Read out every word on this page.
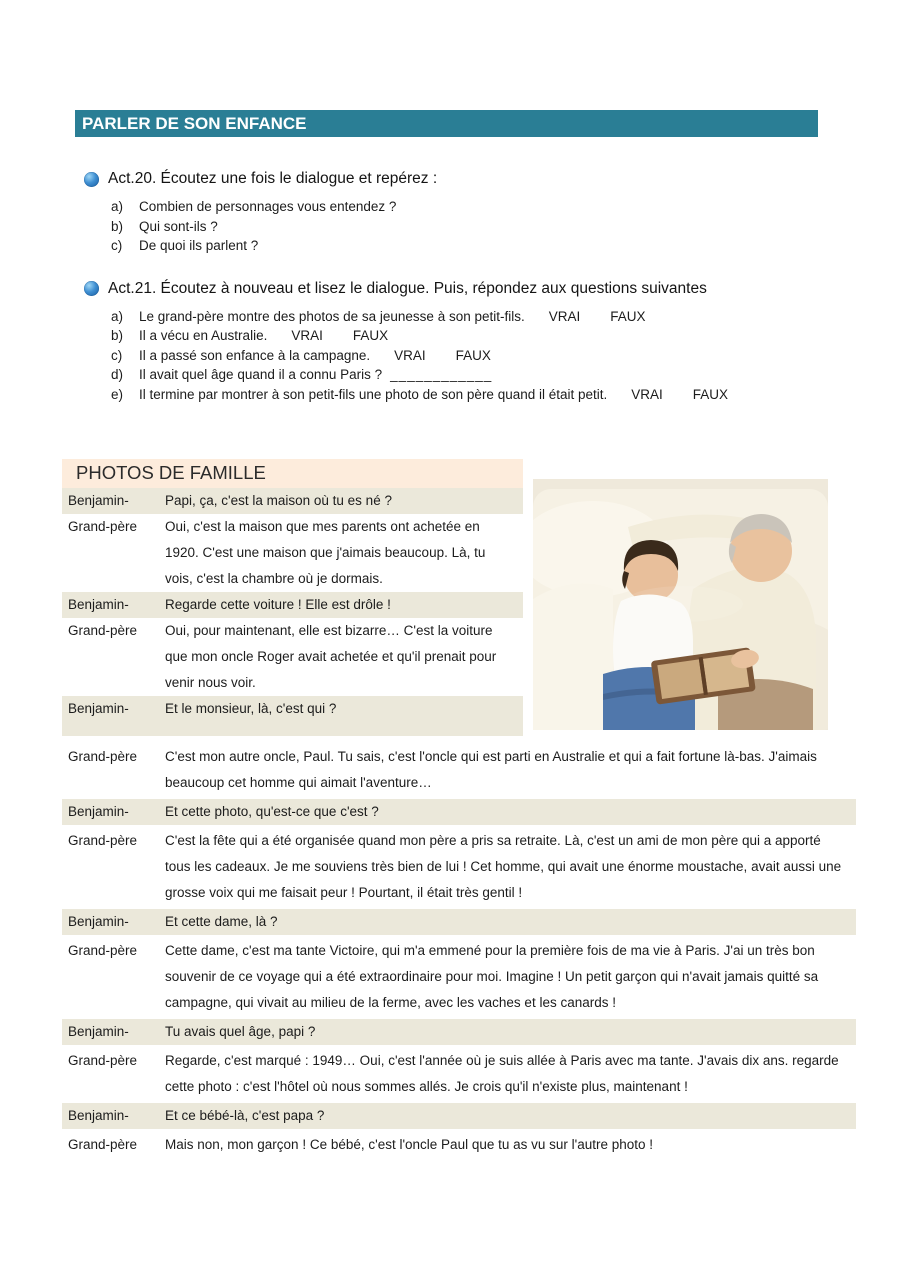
PARLER DE SON ENFANCE
Act.20. Écoutez une fois le dialogue et repérez :
a)	Combien de personnages vous entendez ?
b)	Qui sont-ils ?
c)	De quoi ils parlent ?
Act.21. Écoutez à nouveau et lisez le dialogue. Puis, répondez aux questions suivantes
a)	Le grand-père montre des photos de sa jeunesse à son petit-fils. VRAI FAUX
b)	Il a vécu en Australie. VRAI FAUX
c)	Il a passé son enfance à la campagne. VRAI FAUX
d)	Il avait quel âge quand il a connu Paris ? ____________
e)	Il termine par montrer à son petit-fils une photo de son père quand il était petit. VRAI FAUX
PHOTOS DE FAMILLE
Benjamin-	Papi, ça, c'est la maison où tu es né ?
Grand-père	Oui, c'est la maison que mes parents ont achetée en 1920. C'est une maison que j'aimais beaucoup. Là, tu vois, c'est la chambre où je dormais.
Benjamin-	Regarde cette voiture ! Elle est drôle !
Grand-père	Oui, pour maintenant, elle est bizarre… C'est la voiture que mon oncle Roger avait achetée et qu'il prenait pour venir nous voir.
Benjamin-	Et le monsieur, là, c'est qui ?
Grand-père	C'est mon autre oncle, Paul. Tu sais, c'est l'oncle qui est parti en Australie et qui a fait fortune là-bas. J'aimais beaucoup cet homme qui aimait l'aventure…
Benjamin-	Et cette photo, qu'est-ce que c'est ?
Grand-père	C'est la fête qui a été organisée quand mon père a pris sa retraite. Là, c'est un ami de mon père qui a apporté tous les cadeaux. Je me souviens très bien de lui ! Cet homme, qui avait une énorme moustache, avait aussi une grosse voix qui me faisait peur ! Pourtant, il était très gentil !
Benjamin-	Et cette dame, là ?
Grand-père	Cette dame, c'est ma tante Victoire, qui m'a emmené pour la première fois de ma vie à Paris. J'ai un très bon souvenir de ce voyage qui a été extraordinaire pour moi. Imagine ! Un petit garçon qui n'avait jamais quitté sa campagne, qui vivait au milieu de la ferme, avec les vaches et les canards !
Benjamin-	Tu avais quel âge, papi ?
Grand-père	Regarde, c'est marqué : 1949… Oui, c'est l'année où je suis allée à Paris avec ma tante. J'avais dix ans. regarde cette photo : c'est l'hôtel où nous sommes allés. Je crois qu'il n'existe plus, maintenant !
Benjamin-	Et ce bébé-là, c'est papa ?
Grand-père	Mais non, mon garçon ! Ce bébé, c'est l'oncle Paul que tu as vu sur l'autre photo !
